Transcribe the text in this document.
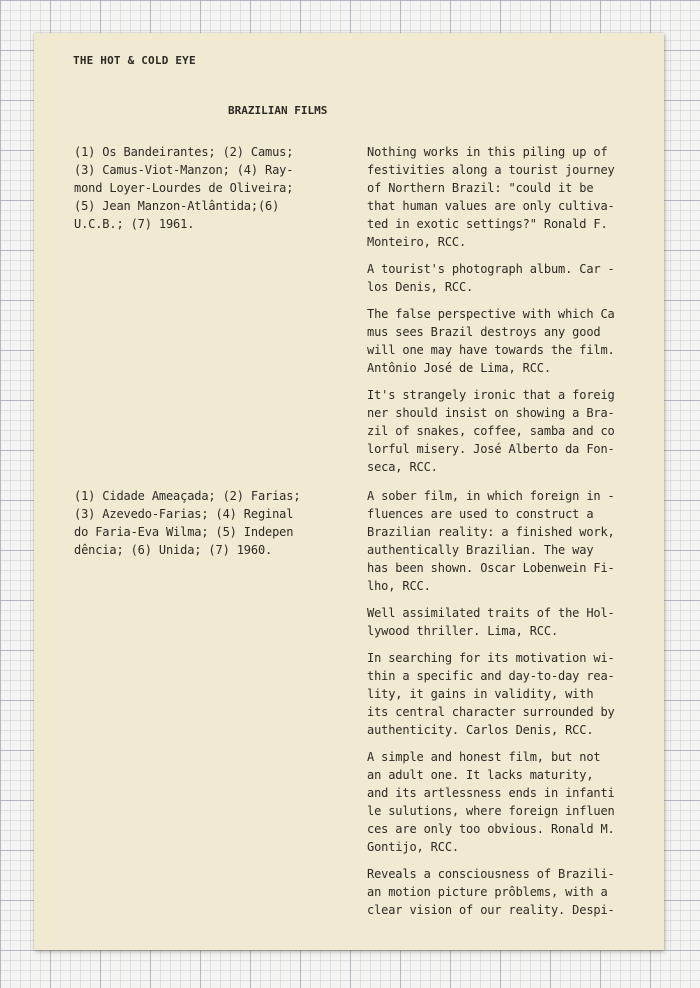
THE HOT & COLD EYE
BRAZILIAN FILMS
(1) Os Bandeirantes; (2) Camus;
(3) Camus-Viot-Manzon; (4) Ray-
mond Loyer-Lourdes de Oliveira;
(5) Jean Manzon-Atlântida;(6)
U.C.B.; (7) 1961.
(1) Cidade Ameaçada; (2) Farias;
(3) Azevedo-Farias; (4) Reginal
do Faria-Eva Wilma; (5) Indepen
dência; (6) Unida; (7) 1960.
Nothing works in this piling up of
festivities along a tourist journey
of Northern Brazil: "could it be
that human values are only cultiva-
ted in exotic settings?" Ronald F.
Monteiro, RCC.
A tourist's photograph album. Car -
los Denis, RCC.
The false perspective with which Ca
mus sees Brazil destroys any good
will one may have towards the film.
Antônio José de Lima, RCC.
It's strangely ironic that a foreig
ner should insist on showing a Bra-
zil of snakes, coffee, samba and co
lorful misery. José Alberto da Fon-
seca, RCC.
A sober film, in which foreign in -
fluences are used to construct a
Brazilian reality: a finished work,
authentically Brazilian. The way
has been shown. Oscar Lobenwein Fi-
lho, RCC.
Well assimilated traits of the Hol-
lywood thriller. Lima, RCC.
In searching for its motivation wi-
thin a specific and day-to-day rea-
lity, it gains in validity, with
its central character surrounded by
authenticity. Carlos Denis, RCC.
A simple and honest film, but not
an adult one. It lacks maturity,
and its artlessness ends in infanti
le sulutions, where foreign influen
ces are only too obvious. Ronald M.
Gontijo, RCC.
Reveals a consciousness of Brazili-
an motion picture prôblems, with a
clear vision of our reality. Despi-
